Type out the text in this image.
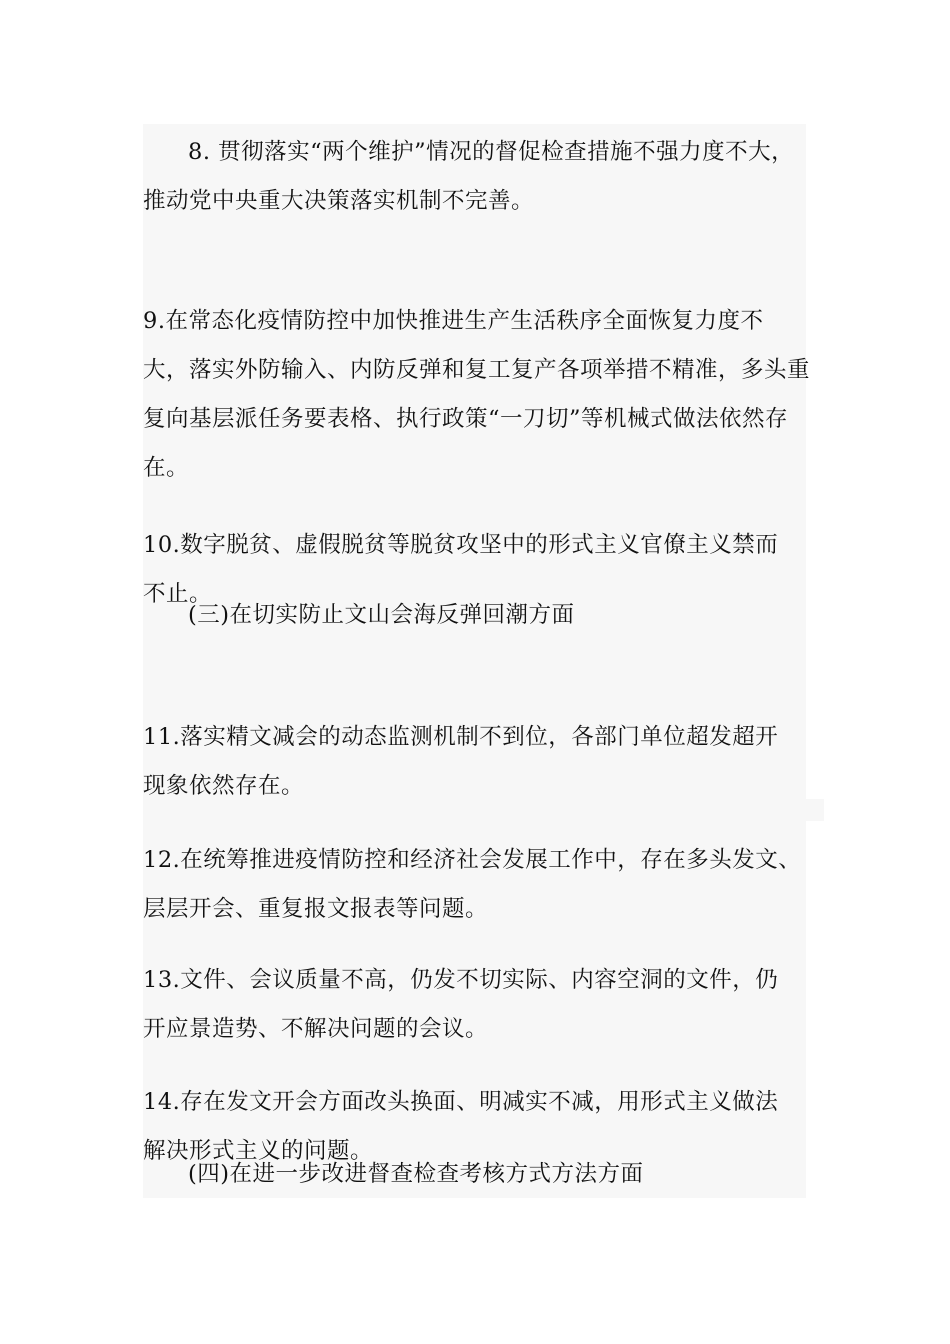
8. 贯彻落实“两个维护”情况的督促检查措施不强力度不大，
推动党中央重大决策落实机制不完善。

9.在常态化疫情防控中加快推进生产生活秩序全面恢复力度不
大，落实外防输入、内防反弹和复工复产各项举措不精准，多头重
复向基层派任务要表格、执行政策“一刀切”等机械式做法依然存
在。

10.数字脱贫、虚假脱贫等脱贫攻坚中的形式主义官僚主义禁而
不止。

(三)在切实防止文山会海反弹回潮方面

11.落实精文减会的动态监测机制不到位，各部门单位超发超开
现象依然存在。

12.在统筹推进疫情防控和经济社会发展工作中，存在多头发文、
层层开会、重复报文报表等问题。

13.文件、会议质量不高，仍发不切实际、内容空洞的文件，仍
开应景造势、不解决问题的会议。

14.存在发文开会方面改头换面、明减实不减，用形式主义做法
解决形式主义的问题。

(四)在进一步改进督查检查考核方式方法方面
